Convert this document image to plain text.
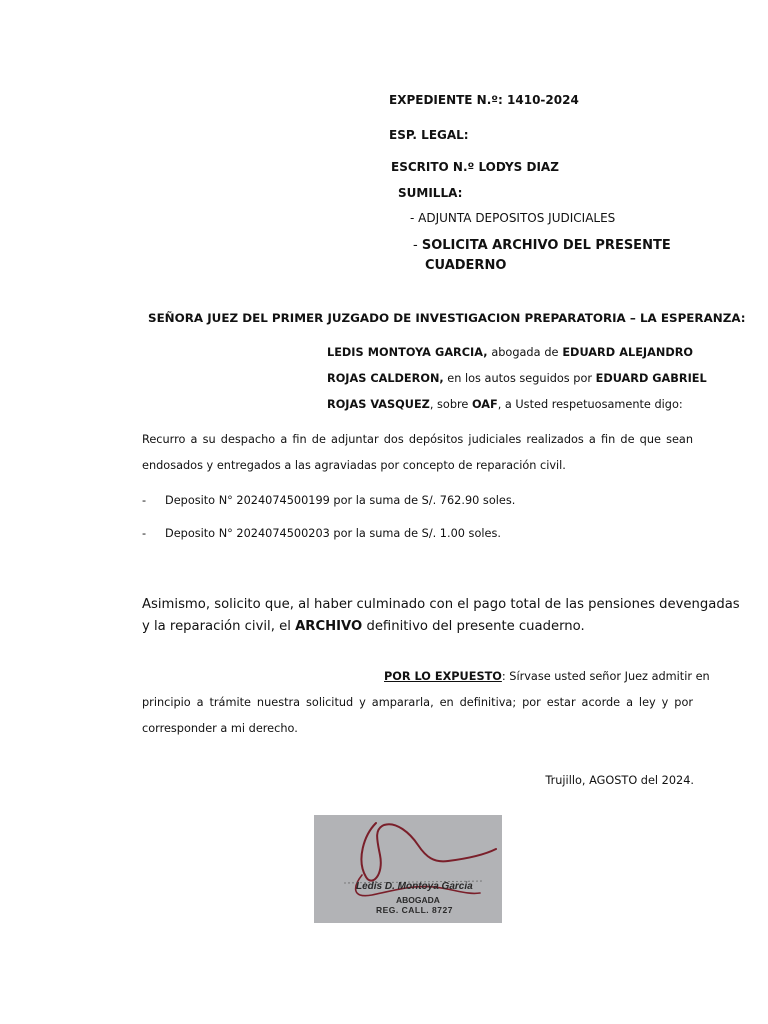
EXPEDIENTE N.º: 1410-2024
ESP. LEGAL:
ESCRITO N.º LODYS DIAZ
SUMILLA:
- ADJUNTA DEPOSITOS JUDICIALES
- SOLICITA ARCHIVO DEL PRESENTE
CUADERNO
SEÑORA JUEZ DEL PRIMER JUZGADO DE INVESTIGACION PREPARATORIA – LA ESPERANZA:
LEDIS MONTOYA GARCIA, abogada de EDUARD ALEJANDRO
ROJAS CALDERON, en los autos seguidos por EDUARD GABRIEL
ROJAS VASQUEZ, sobre OAF, a Usted respetuosamente digo:
Recurro a su despacho a fin de adjuntar dos depósitos judiciales realizados a fin de que sean
endosados y entregados a las agraviadas por concepto de reparación civil.
- Deposito N° 2024074500199 por la suma de S/. 762.90 soles.
- Deposito N° 2024074500203 por la suma de S/. 1.00 soles.
Asimismo, solicito que, al haber culminado con el pago total de las pensiones devengadas
y la reparación civil, el ARCHIVO definitivo del presente cuaderno.
POR LO EXPUESTO: Sírvase usted señor Juez admitir en
principio a trámite nuestra solicitud y ampararla, en definitiva; por estar acorde a ley y por
corresponder a mi derecho.
Trujillo, AGOSTO del 2024.
Ledis D. Montoya Garcia
ABOGADA
REG. CALL. 8727
